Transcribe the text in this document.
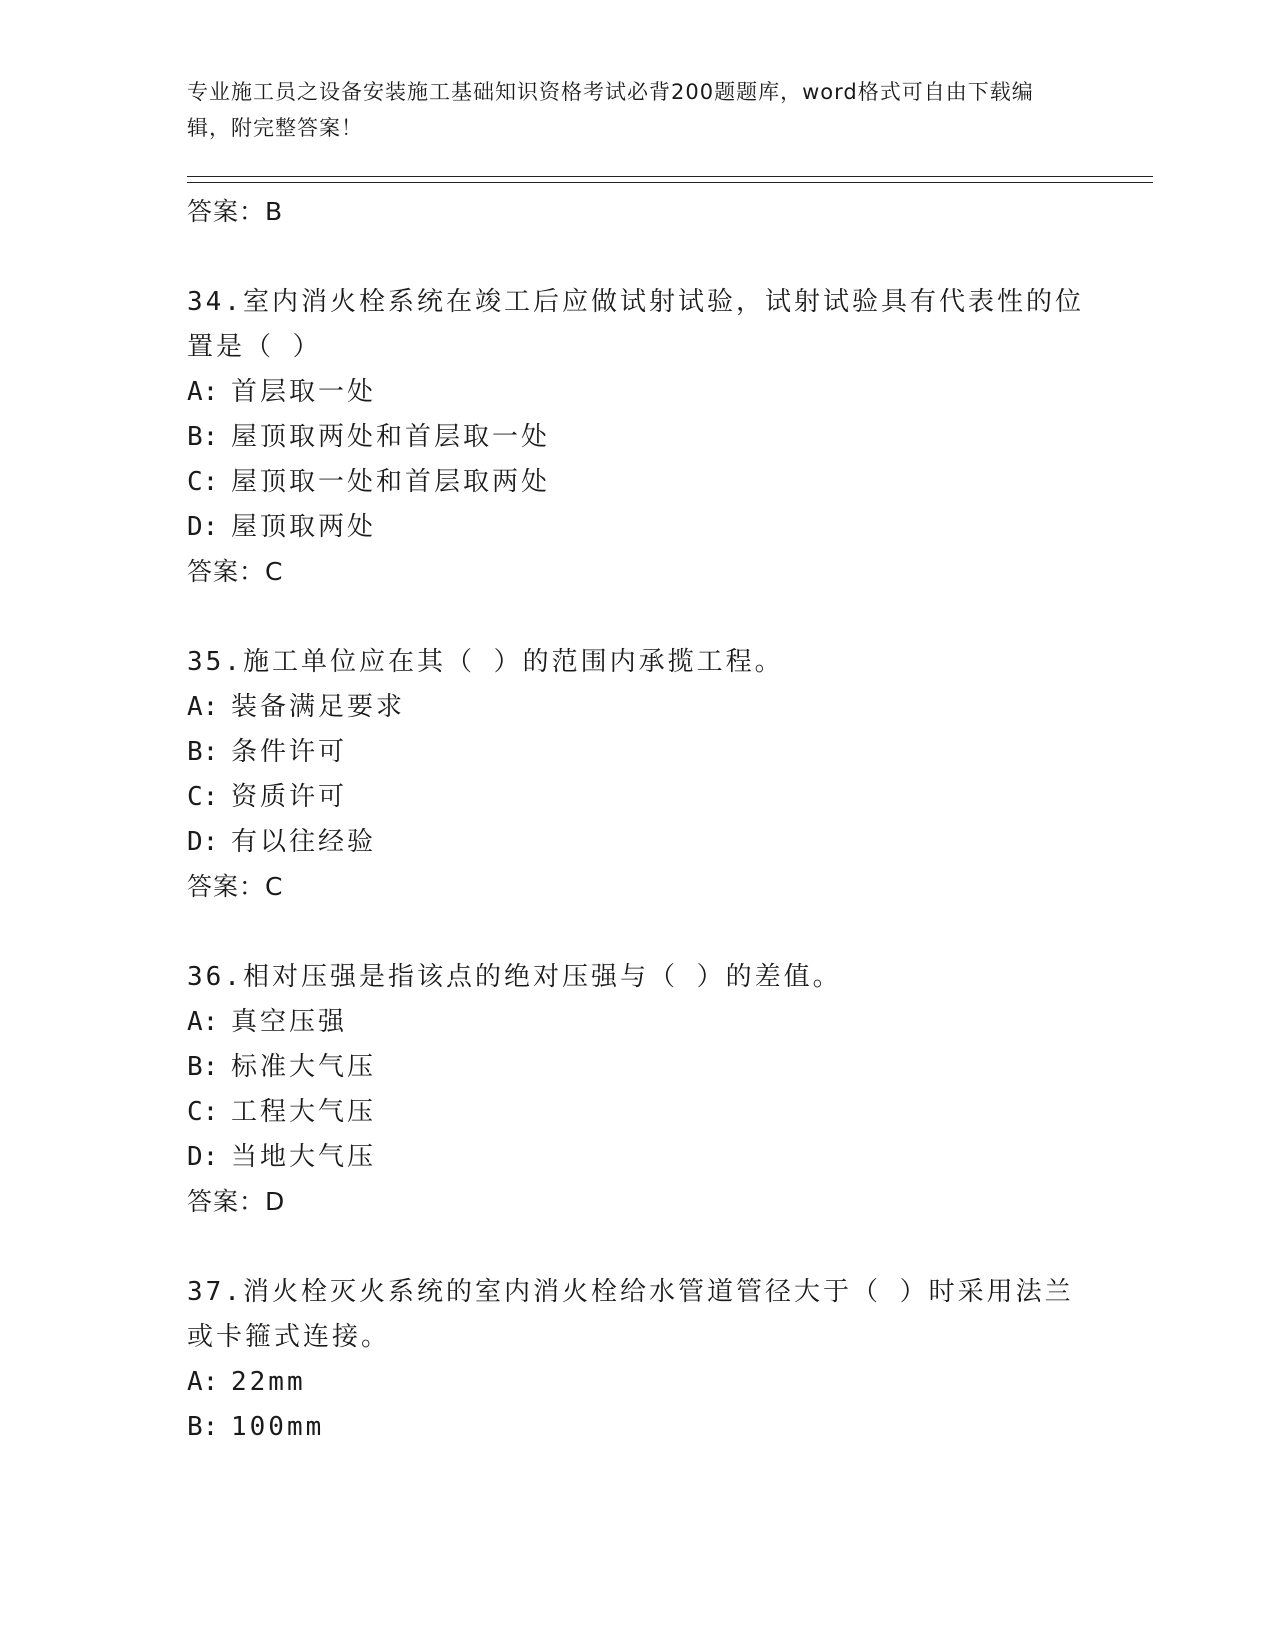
专业施工员之设备安装施工基础知识资格考试必背200题题库，word格式可自由下载编辑，附完整答案！

答案：B

34.室内消火栓系统在竣工后应做试射试验，试射试验具有代表性的位置是（ ）

A: 首层取一处

B: 屋顶取两处和首层取一处

C: 屋顶取一处和首层取两处

D: 屋顶取两处

答案：C

35.施工单位应在其（ ）的范围内承揽工程。

A: 装备满足要求

B: 条件许可

C: 资质许可

D: 有以往经验

答案：C

36.相对压强是指该点的绝对压强与（ ）的差值。

A: 真空压强

B: 标准大气压

C: 工程大气压

D: 当地大气压

答案：D

37.消火栓灭火系统的室内消火栓给水管道管径大于（ ）时采用法兰或卡箍式连接。

A: 22mm

B: 100mm
